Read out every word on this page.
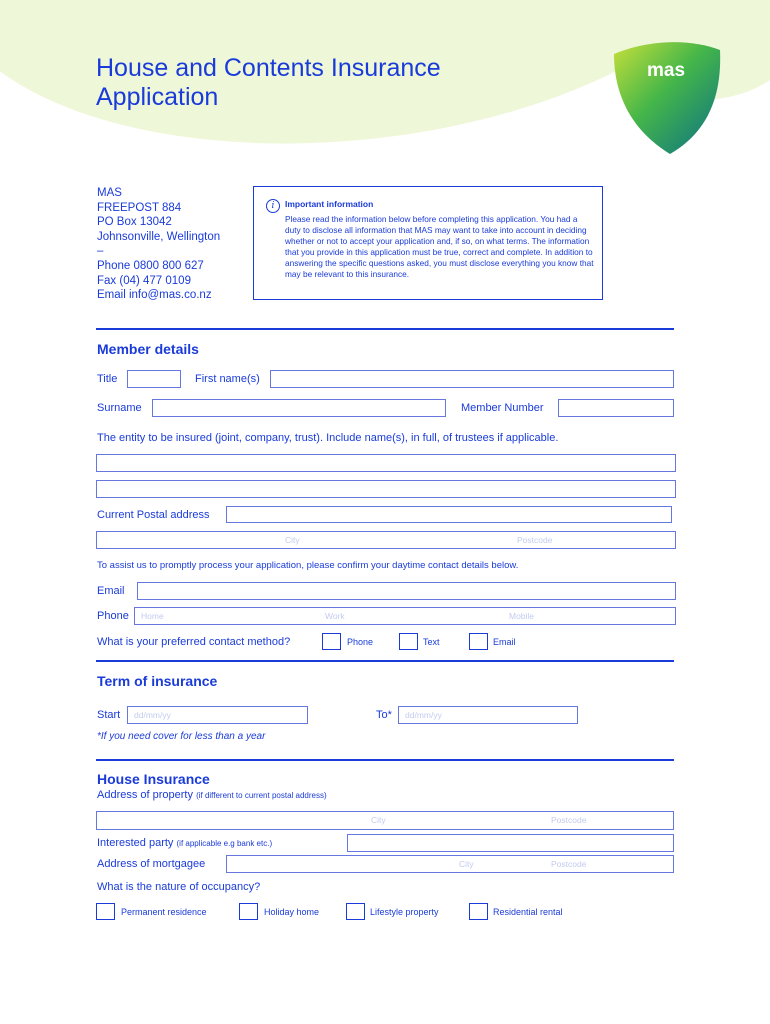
House and Contents Insurance
Application
mas
MAS
FREEPOST 884
PO Box 13042
Johnsonville, Wellington
–
Phone 0800 800 627
Fax (04) 477 0109
Email info@mas.co.nz
i	Important information
Please read the information below before completing this application. You had a duty to disclose all information that MAS may want to take into account in deciding whether or not to accept your application and, if so, on what terms. The information that you provide in this application must be true, correct and complete. In addition to answering the specific questions asked, you must disclose everything you know that may be relevant to this insurance.
Member details
Title	First name(s)
Surname	Member Number
The entity to be insured (joint, company, trust). Include name(s), in full, of trustees if applicable.
Current Postal address
City	Postcode
To assist us to promptly process your application, please confirm your daytime contact details below.
Email
Phone Home	Work	Mobile
What is your preferred contact method?	Phone	Text	Email
Term of insurance
Start dd/mm/yy	To* dd/mm/yy
*If you need cover for less than a year
House Insurance
Address of property (if different to current postal address)
City	Postcode
Interested party (if applicable e.g bank etc.)
Address of mortgagee	City	Postcode
What is the nature of occupancy?
Permanent residence	Holiday home	Lifestyle property	Residential rental
